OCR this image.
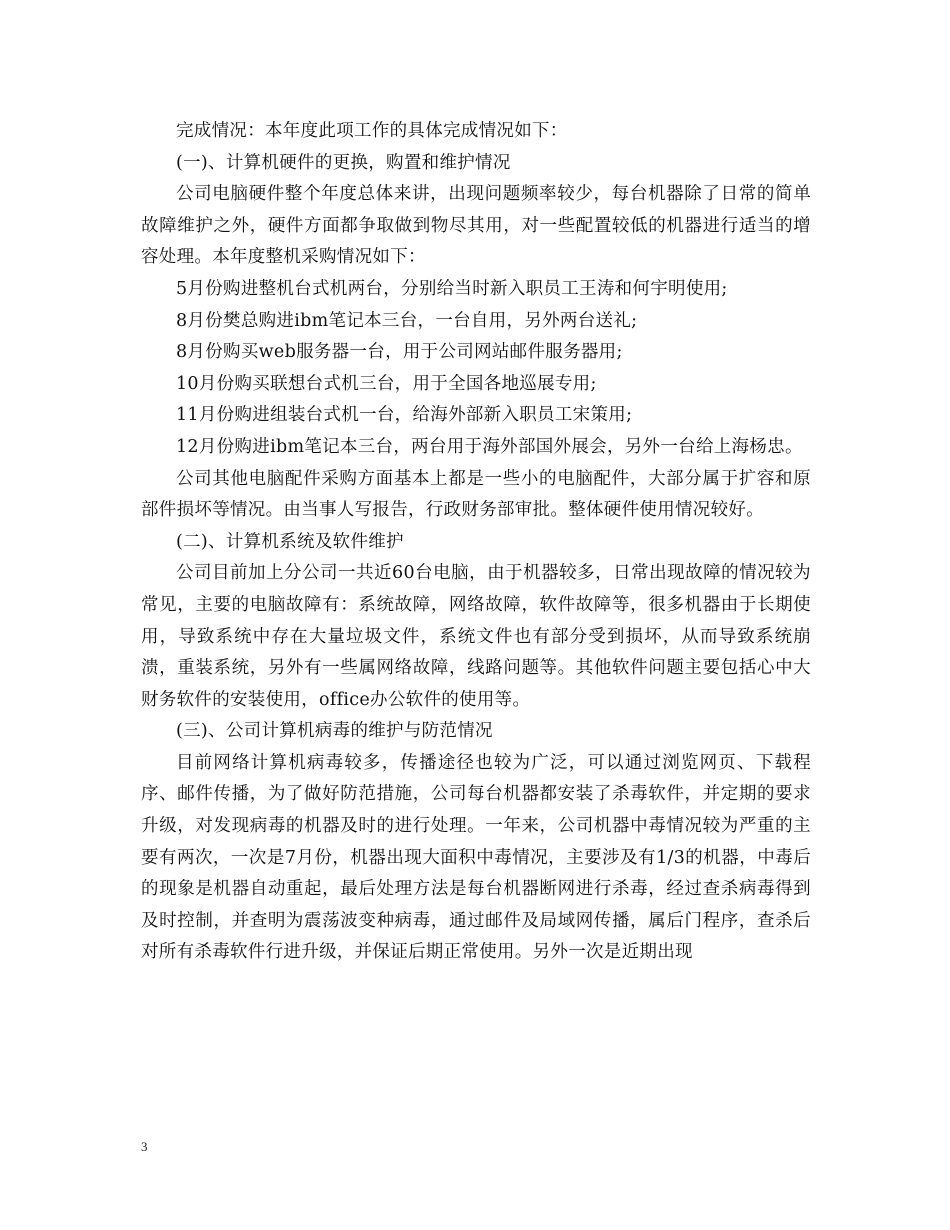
完成情况：本年度此项工作的具体完成情况如下：

(一)、计算机硬件的更换，购置和维护情况

公司电脑硬件整个年度总体来讲，出现问题频率较少，每台机器除了日常的简单故障维护之外，硬件方面都争取做到物尽其用，对一些配置较低的机器进行适当的增容处理。本年度整机采购情况如下：

5月份购进整机台式机两台，分别给当时新入职员工王涛和何宇明使用;

8月份樊总购进ibm笔记本三台，一台自用，另外两台送礼;

8月份购买web服务器一台，用于公司网站邮件服务器用;

10月份购买联想台式机三台，用于全国各地巡展专用;

11月份购进组装台式机一台，给海外部新入职员工宋策用;

12月份购进ibm笔记本三台，两台用于海外部国外展会，另外一台给上海杨忠。

公司其他电脑配件采购方面基本上都是一些小的电脑配件，大部分属于扩容和原部件损坏等情况。由当事人写报告，行政财务部审批。整体硬件使用情况较好。

(二)、计算机系统及软件维护

公司目前加上分公司一共近60台电脑，由于机器较多，日常出现故障的情况较为常见，主要的电脑故障有：系统故障，网络故障，软件故障等，很多机器由于长期使用，导致系统中存在大量垃圾文件，系统文件也有部分受到损坏，从而导致系统崩溃，重装系统，另外有一些属网络故障，线路问题等。其他软件问题主要包括心中大财务软件的安装使用，office办公软件的使用等。

(三)、公司计算机病毒的维护与防范情况

目前网络计算机病毒较多，传播途径也较为广泛，可以通过浏览网页、下载程序、邮件传播，为了做好防范措施，公司每台机器都安装了杀毒软件，并定期的要求升级，对发现病毒的机器及时的进行处理。一年来，公司机器中毒情况较为严重的主要有两次，一次是7月份，机器出现大面积中毒情况，主要涉及有1/3的机器，中毒后的现象是机器自动重起，最后处理方法是每台机器断网进行杀毒，经过查杀病毒得到及时控制，并查明为震荡波变种病毒，通过邮件及局域网传播，属后门程序，查杀后对所有杀毒软件行进升级，并保证后期正常使用。另外一次是近期出现

3
